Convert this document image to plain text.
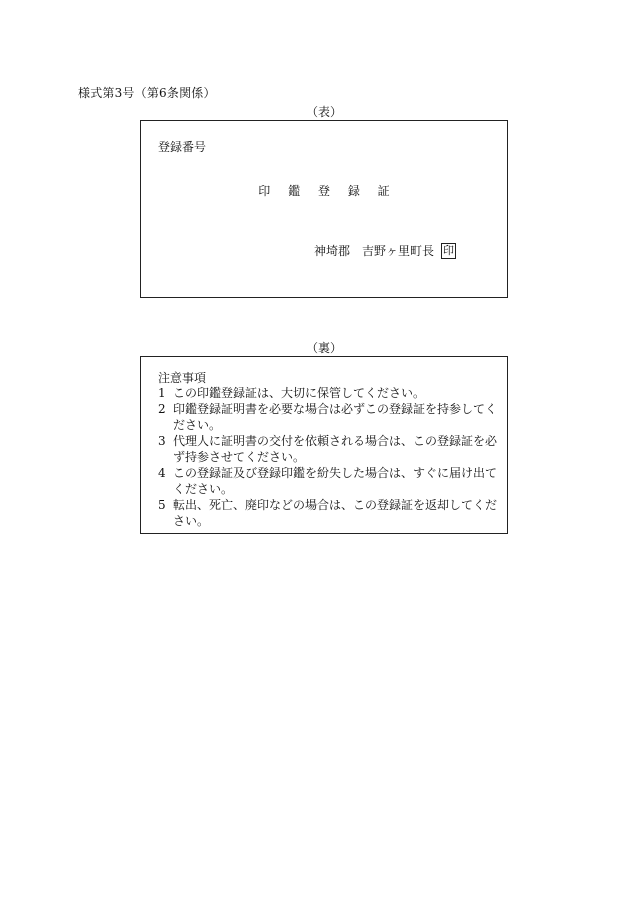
様式第3号（第6条関係）
（表）
登録番号
印 鑑 登 録 証
神埼郡 吉野ヶ里町長 印
（裏）
注意事項
1 この印鑑登録証は、大切に保管してください。
2 印鑑登録証明書を必要な場合は必ずこの登録証を持参してください。
3 代理人に証明書の交付を依頼される場合は、この登録証を必ず持参させてください。
4 この登録証及び登録印鑑を紛失した場合は、すぐに届け出てください。
5 転出、死亡、廃印などの場合は、この登録証を返却してください。
